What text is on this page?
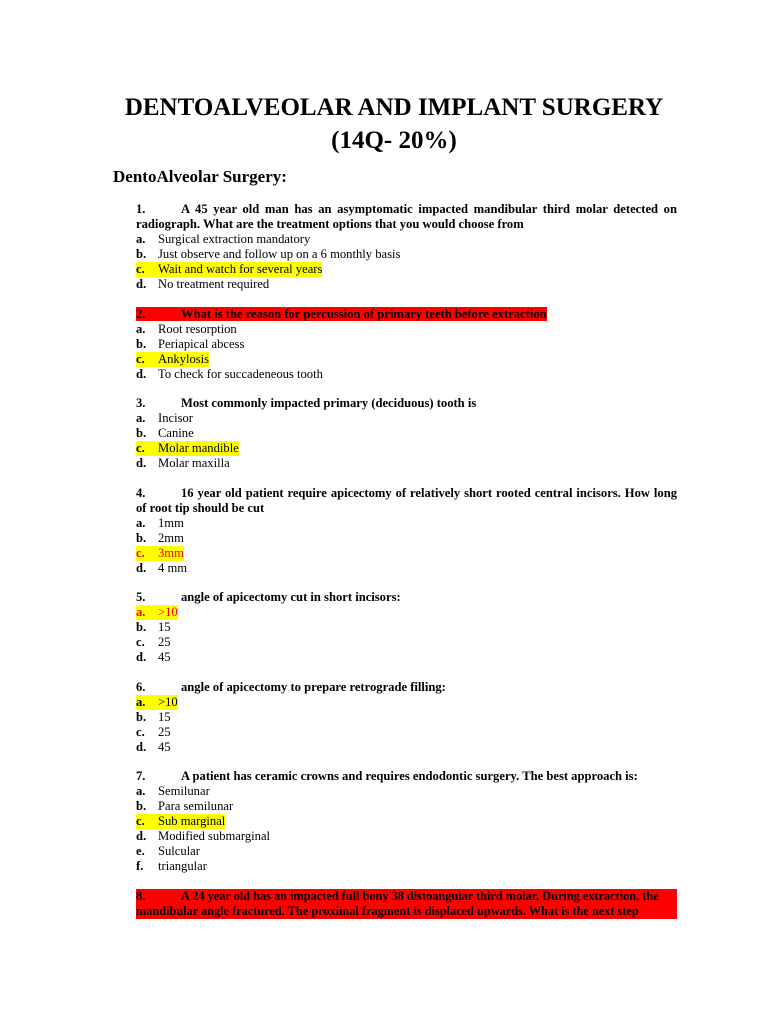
DENTOALVEOLAR AND IMPLANT SURGERY
(14Q- 20%)
DentoAlveolar Surgery:
1.	A 45 year old man has an asymptomatic impacted mandibular third molar detected on radiograph. What are the treatment options that you would choose from
a. Surgical extraction mandatory
b. Just observe and follow up on a 6 monthly basis
c. Wait and watch for several years
d. No treatment required
2.	What is the reason for percussion of primary teeth before extraction
a. Root resorption
b. Periapical abcess
c. Ankylosis
d. To check for succadeneous tooth
3.	Most commonly impacted primary (deciduous) tooth is
a. Incisor
b. Canine
c. Molar mandible
d. Molar maxilla
4.	16 year old patient require apicectomy of relatively short rooted central incisors. How long of root tip should be cut
a. 1mm
b. 2mm
c. 3mm
d. 4 mm
5.	angle of apicectomy cut in short incisors:
a. >10
b. 15
c. 25
d. 45
6.	angle of apicectomy to prepare retrograde filling:
a. >10
b. 15
c. 25
d. 45
7.	A patient has ceramic crowns and requires endodontic surgery. The best approach is:
a. Semilunar
b. Para semilunar
c. Sub marginal
d. Modified submarginal
e. Sulcular
f. triangular
8.	A 24 year old has an impacted full bony 38 distoangular third molar. During extraction, the
mandibular angle fractured. The proximal fragment is displaced upwards. What is the next step
